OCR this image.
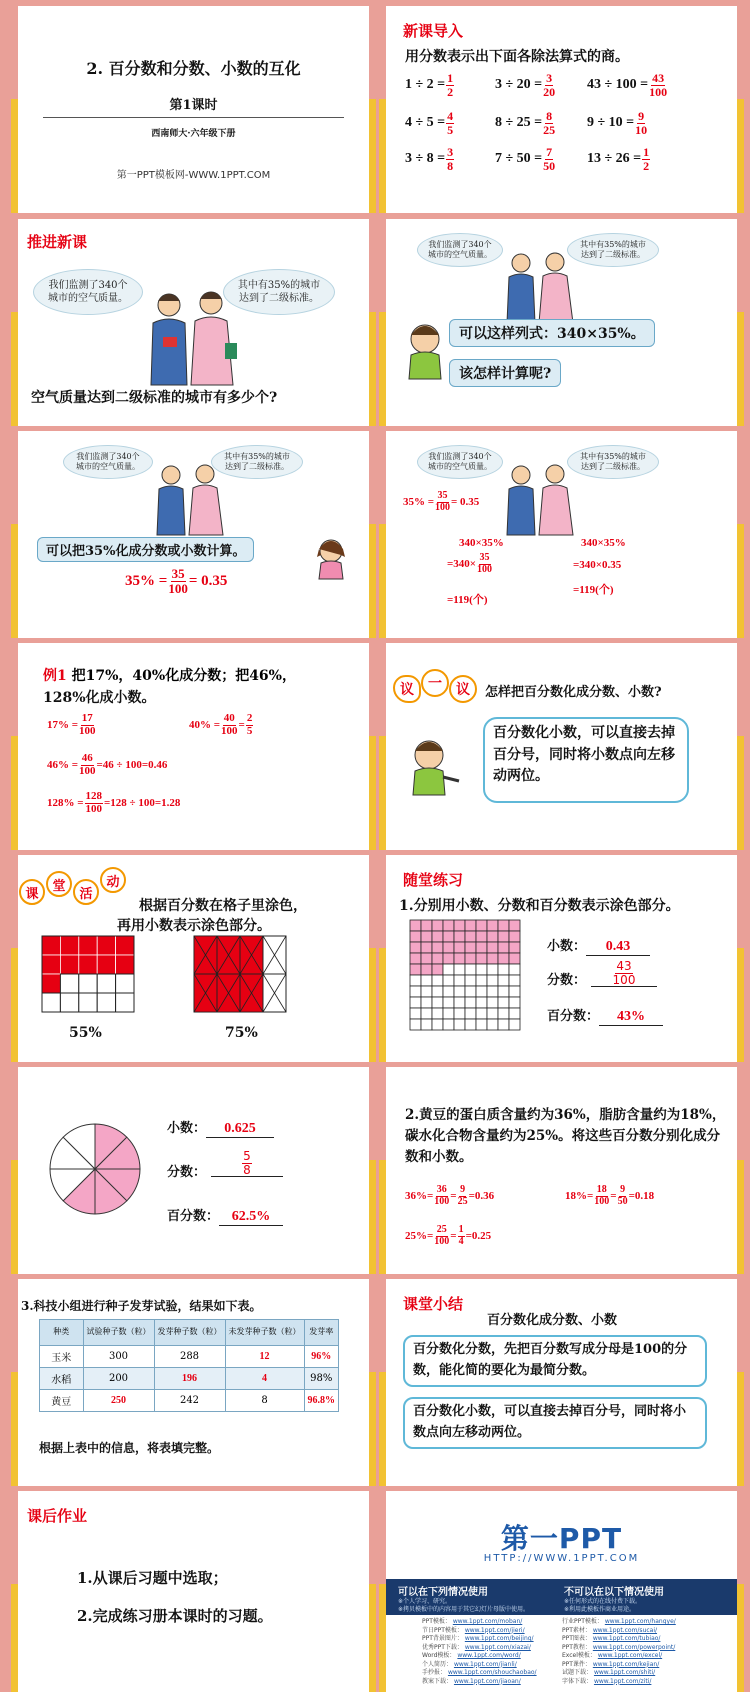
2. 百分数和分数、小数的互化
第1课时
西南师大·六年级下册
第一PPT模板网-WWW.1PPT.COM
新课导入
用分数表示出下面各除法算式的商。
$1 \div 2 = \frac{1}{2}$	$3 \div 20 = \frac{3}{20} 43 \div 100 = \frac{43}{100}$
$4 \div 5 = \frac{4}{5}$	$8 \div 25 = \frac{8}{25} 9 \div 10 = \frac{9}{10}$
$3 \div 8 = \frac{3}{8}$	$7 \div 50 = \frac{7}{50} 13 \div 26 = \frac{1}{2}$
推进新课
我们监测了340个城市的空气质量。
其中有35%的城市达到了二级标准。
空气质量达到二级标准的城市有多少个?
我们监测了340个城市的空气质量。
其中有35%的城市达到了二级标准。
可以这样列式：340×35%。
该怎样计算呢?
我们监测了340个城市的空气质量。
其中有35%的城市达到了二级标准。
可以把35%化成分数或小数计算。
$35\% = \frac{35}{100} = 0.35$
我们监测了340个城市的空气质量。
其中有35%的城市达到了二级标准。
$35\% = \frac{35}{100} = 0.35$
340×35%
$=340\times \frac{35}{100}$
=119(个)
340×35%
=340×0.35
=119(个)
例1 把17%，40%化成分数；把46%，
128%化成小数。
$17\% = \frac{17}{100}$	$40\% = \frac{40}{100} = \frac{2}{5}$
$46\% = \frac{46}{100} =46 \div 100=0.46$
$128\% = \frac{128}{100} =128 \div 100=1.28$
议	一	议	怎样把百分数化成分数、小数?
百分数化小数，可以直接去掉百分号，同时将小数点向左移动两位。
课
堂
活
动
根据百分数在格子里涂色，
再用小数表示涂色部分。
55%	75%
随堂练习
1.分别用小数、分数和百分数表示涂色部分。
小数： 0.43
分数： $\frac{43}{100}$
百分数： 43%
小数： 0.625
分数：	$\frac{5}{8}$
百分数： 62.5%
2.黄豆的蛋白质含量约为36%，脂肪含量约为18%，碳水化合物含量约为25%。将这些百分数分别化成分数和小数。
$36\%= \frac{36}{100} = \frac{9}{25} =0.36$	$18\%= \frac{18}{100} = \frac{9}{50} =0.18$
$25\%= \frac{25}{100} = \frac{1}{4} =0.25$
3.科技小组进行种子发芽试验，结果如下表。
种类	试验种子数（粒）	发芽种子数（粒）	未发芽种子数（粒）	发芽率
玉米	300	288	12	96%
水稻	200	196	4	98%
黄豆	250	242	8	96.8%
根据上表中的信息，将表填完整。
课堂小结
百分数化成分数、小数
百分数化分数，先把百分数写成分母是100的分数，能化简的要化为最简分数。
百分数化小数，可以直接去掉百分号，同时将小数点向左移动两位。
课后作业
1.从课后习题中选取；
2.完成练习册本课时的习题。
第一PPT
HTTP://WWW.1PPT.COM
可以在下列情况使用
※个人学习、研究。
※拷贝模板中的内容用于其它幻灯片母版中使用。
不可以在以下情况使用
※任何形式的在线付费下载。
※利用此模板作商业用途。
PPT模板： www.1ppt.com/moban/
节日PPT模板： www.1ppt.com/jieri/
PPT背景图片： www.1ppt.com/beijing/
优秀PPT下载： www.1ppt.com/xiazai/
Word模板： www.1ppt.com/word/
个人简历： www.1ppt.com/jianli/
手抄报： www.1ppt.com/shouchaobao/
教案下载： www.1ppt.com/jiaoan/
行业PPT模板： www.1ppt.com/hangye/
PPT素材： www.1ppt.com/sucai/
PPT图表： www.1ppt.com/tubiao/
PPT教程： www.1ppt.com/powerpoint/
Excel模板： www.1ppt.com/excel/
PPT课件： www.1ppt.com/kejian/
试题下载： www.1ppt.com/shiti/
字体下载： www.1ppt.com/ziti/
